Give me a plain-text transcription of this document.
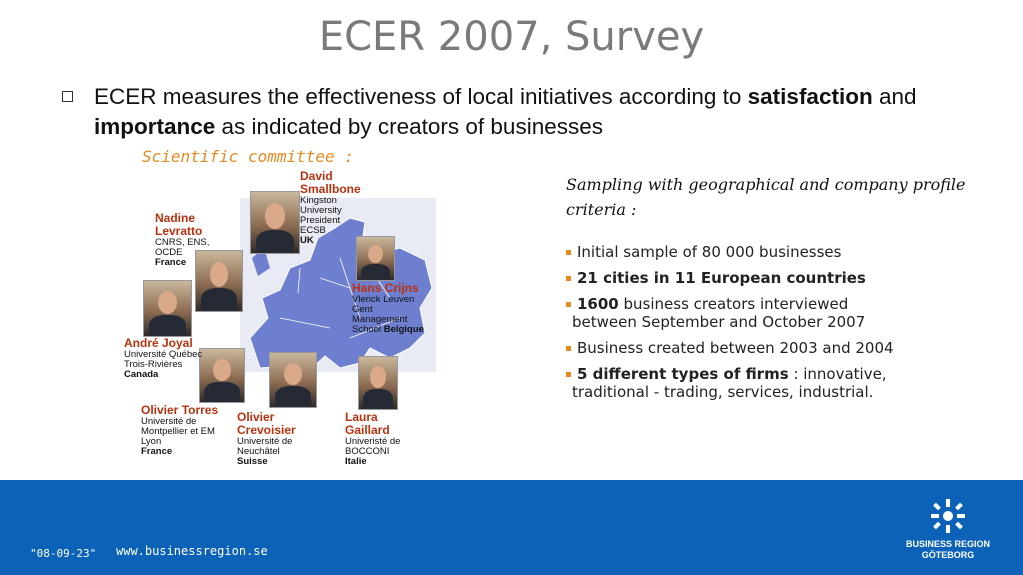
ECER 2007, Survey
ECER measures the effectiveness of local initiatives according to satisfaction and importance as indicated by creators of businesses
Scientific committee :
David Smallbone
Kingston University
President ECSB
UK
Nadine Levratto
CNRS, ENS,
OCDE
France
Hans Crijns
Vlerick Leuven
Gent
Management
School Belgique
André Joyal
Université Québec
Trois-Rivières
Canada
Olivier Torres
Université de
Montpellier et EM
Lyon
France
Olivier Crevoisier
Université de
Neuchâtel
Suisse
Laura Gaillard
Univeristé de
BOCCONI
Italie
Sampling with geographical and company profile criteria :
Initial sample of 80 000 businesses
21 cities in 11 European countries
1600 business creators interviewed
between September and October 2007
Business created between 2003 and 2004
5 different types of firms : innovative,
traditional - trading, services, industrial.
"08-09-23" www.businessregion.se	BUSINESS REGION
GÖTEBORG
